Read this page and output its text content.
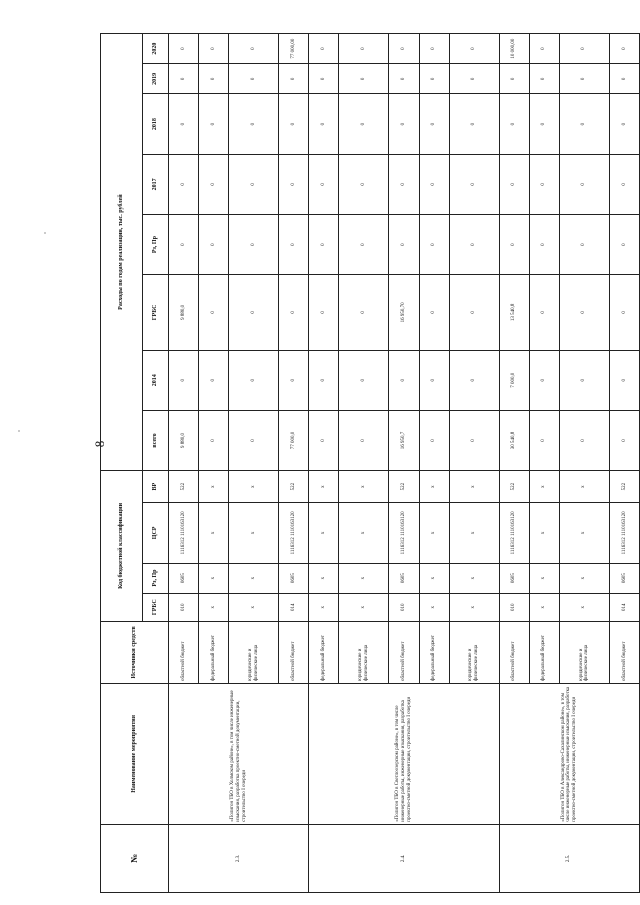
8
№	Наименование мероприятия	Источники средств	Код бюджетной классификации				Расходы по годам реализации, тыс. рублей							
			ГРБС	Рз, Пр	ЦСР	ВР	всего	2014	ГРБС	Рз, Пр	2017	2018	2019	2020
2.3.	«Полигон ТБО в Холмском районе», в том числе инженерные изыскания, разработка проектно-сметной документации, строительство I очереди	областной бюджет	010	0605	1116312 1110163120	522	9 880,0	0	9 880,0	0	0	0	0	0
		федеральный бюджет	х	х	х	х	0	0	0	0	0	0	0	0
		юридические и физические лица	х	х	х	х	0	0	0	0	0	0	0	0
		областной бюджет	014	0605	1116312 1110163120	522	77 000,0	0	0	0	0	0	0	77 000,00
2.4.	«Полигон ТБО в Светлоозерском районе», в том числе инженерные работы, инженерные изыскания, разработка проектно-сметной документации, строительство I очереди	федеральный бюджет	х	х	х	х	0	0	0	0	0	0	0	0
		юридические и физические лица	х	х	х	х	0	0	0	0	0	0	0	0
		областной бюджет	010	0605	1116312 1110163120	522	16 950,7	0	16 950,70	0	0	0	0	0
		федеральный бюджет	х	х	х	х	0	0	0	0	0	0	0	0
		юридические и физические лица	х	х	х	х	0	0	0	0	0	0	0	0
2.5.	«Полигон ТБО в Александрово-Сахалинском районе», в том числе инженерные работы, инженерные изыскания, разработка проектно-сметной документации, строительство I очереди	областной бюджет	010	0605	1116312 1110163120	522	30 540,8	7 000,0	13 540,8	0	0	0	0	10 000,00
		федеральный бюджет	х	х	х	х	0	0	0	0	0	0	0	0
		юридические и физические лица	х	х	х	х	0	0	0	0	0	0	0	0
		областной бюджет	014	0605	1116312 1110163120	522	0	0	0	0	0	0	0	0
